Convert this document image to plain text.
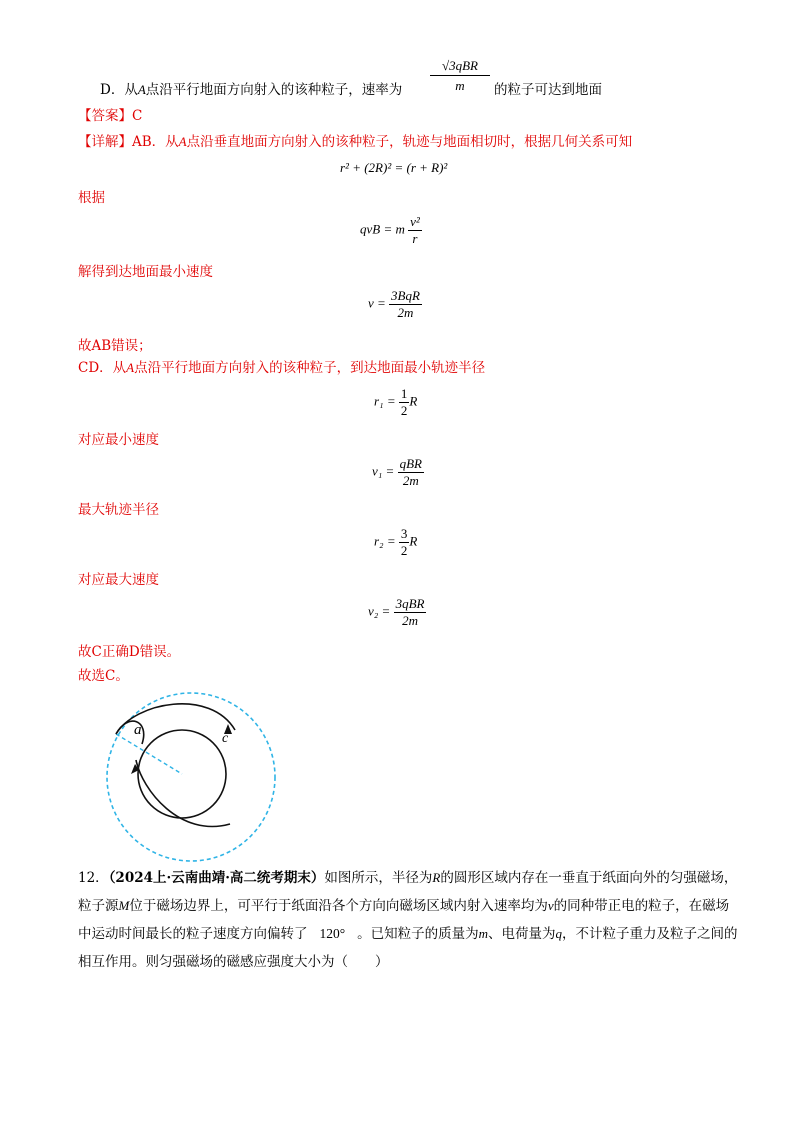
D．从A点沿平行地面方向射入的该种粒子，速率为
√3qBR
m	的粒子可达到地面
【答案】C
【详解】AB．从A点沿垂直地面方向射入的该种粒子，轨迹与地面相切时，根据几何关系可知
r² + (2R)² = (r + R)²
根据
qvB = m $\frac{\text{v²}}{r}$
解得到达地面最小速度
$v = \frac{\text{3BqR}}{2m}$
故AB错误；
CD．从A点沿平行地面方向射入的该种粒子，到达地面最小轨迹半径
$r_1 = \frac{1}{2}$ R
对应最小速度
$v_1 = \frac{\text{qBR}}{2m}$
最大轨迹半径
$r_2 = \frac{3}{2}$ R
对应最大速度
$v_2 = \frac{\text{3qBR}}{2m}$
故C正确D错误。
故选C。
a
c
12．（2024上·云南曲靖·高二统考期末）如图所示，半径为R的圆形区域内存在一垂直于纸面向外的匀强磁场，粒子源M位于磁场边界上，可平行于纸面沿各个方向向磁场区域内射入速率均为v的同种带正电的粒子，在磁场中运动时间最长的粒子速度方向偏转了 120° 。已知粒子的质量为m、电荷量为q，不计粒子重力及粒子之间的相互作用。则匀强磁场的磁感应强度大小为（　　）
